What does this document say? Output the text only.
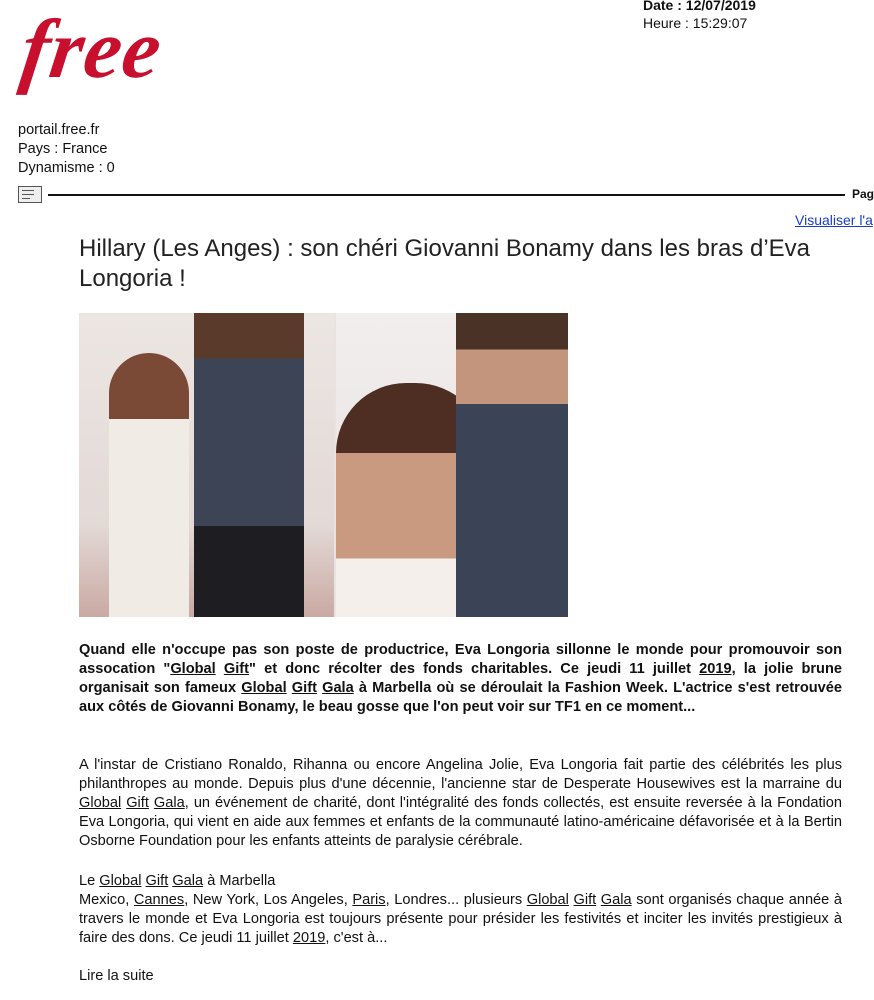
free	Date : 12/07/2019
Heure : 15:29:07
portail.free.fr
Pays : France
Dynamisme : 0
Pag
Visualiser l'a
Hillary (Les Anges) : son chéri Giovanni Bonamy dans les bras d’Eva Longoria !
Quand elle n'occupe pas son poste de productrice, Eva Longoria sillonne le monde pour promouvoir son assocation "Global Gift" et donc récolter des fonds charitables. Ce jeudi 11 juillet 2019, la jolie brune organisait son fameux Global Gift Gala à Marbella où se déroulait la Fashion Week. L'actrice s'est retrouvée aux côtés de Giovanni Bonamy, le beau gosse que l'on peut voir sur TF1 en ce moment...
A l'instar de Cristiano Ronaldo, Rihanna ou encore Angelina Jolie, Eva Longoria fait partie des célébrités les plus philanthropes au monde. Depuis plus d'une décennie, l'ancienne star de Desperate Housewives est la marraine du Global Gift Gala, un événement de charité, dont l'intégralité des fonds collectés, est ensuite reversée à la Fondation Eva Longoria, qui vient en aide aux femmes et enfants de la communauté latino-américaine défavorisée et à la Bertin Osborne Foundation pour les enfants atteints de paralysie cérébrale.
Le Global Gift Gala à Marbella
Mexico, Cannes, New York, Los Angeles, Paris, Londres... plusieurs Global Gift Gala sont organisés chaque année à travers le monde et Eva Longoria est toujours présente pour présider les festivités et inciter les invités prestigieux à faire des dons. Ce jeudi 11 juillet 2019, c'est à...
Lire la suite
